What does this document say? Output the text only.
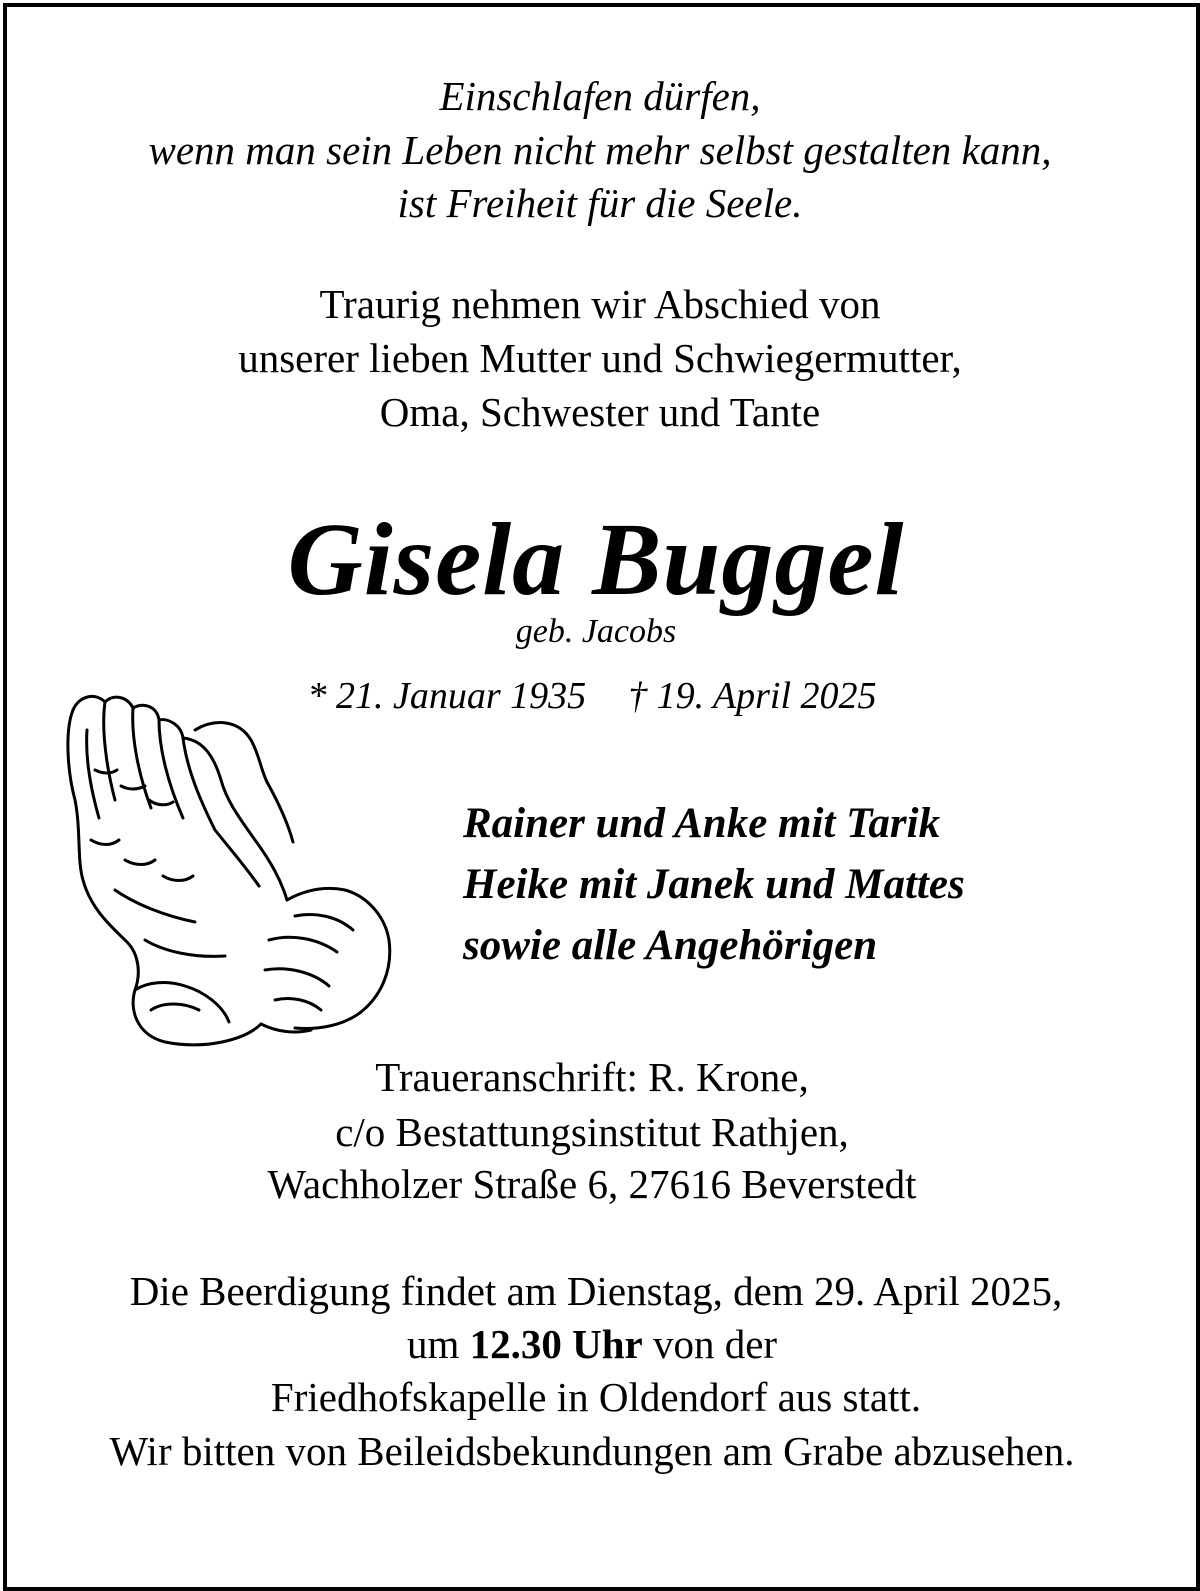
Einschlafen dürfen,
wenn man sein Leben nicht mehr selbst gestalten kann,
ist Freiheit für die Seele.
Traurig nehmen wir Abschied von
unserer lieben Mutter und Schwiegermutter,
Oma, Schwester und Tante
Gisela Buggel
geb. Jacobs
* 21. Januar 1935 † 19. April 2025
Rainer und Anke mit Tarik
Heike mit Janek und Mattes
sowie alle Angehörigen
Traueranschrift: R. Krone,
c/o Bestattungsinstitut Rathjen,
Wachholzer Straße 6, 27616 Beverstedt
Die Beerdigung findet am Dienstag, dem 29. April 2025,
um 12.30 Uhr von der
Friedhofskapelle in Oldendorf aus statt.
Wir bitten von Beileidsbekundungen am Grabe abzusehen.
